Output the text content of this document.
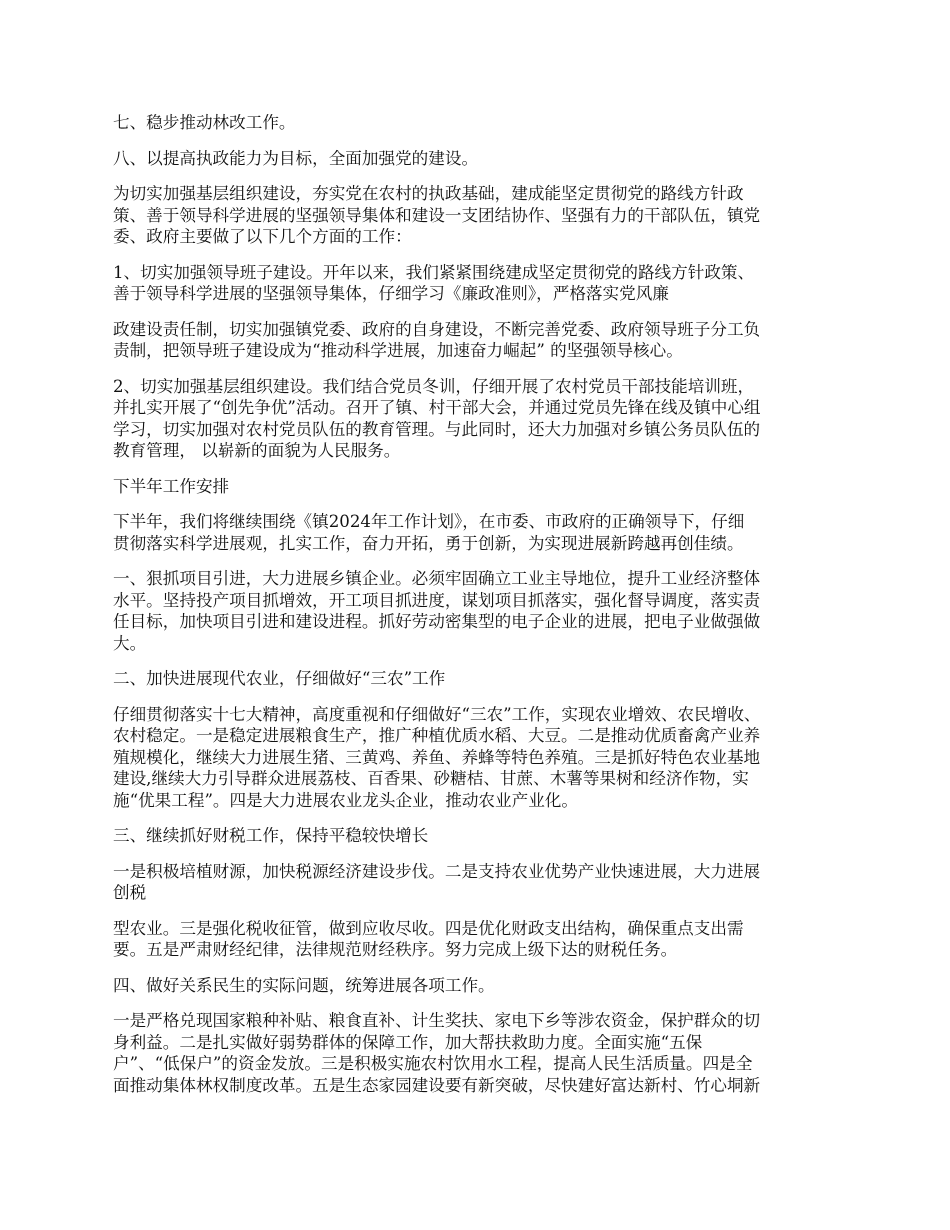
七、稳步推动林改工作。

八、以提高执政能力为目标，全面加强党的建设。

为切实加强基层组织建设，夯实党在农村的执政基础，建成能坚定贯彻党的路线方针政
策、善于领导科学进展的坚强领导集体和建设一支团结协作、坚强有力的干部队伍，镇党
委、政府主要做了以下几个方面的工作：

1、切实加强领导班子建设。开年以来，我们紧紧围绕建成坚定贯彻党的路线方针政策、
善于领导科学进展的坚强领导集体，仔细学习《廉政准则》，严格落实党风廉

政建设责任制，切实加强镇党委、政府的自身建设，不断完善党委、政府领导班子分工负
责制，把领导班子建设成为“推动科学进展，加速奋力崛起” 的坚强领导核心。

2、切实加强基层组织建设。我们结合党员冬训，仔细开展了农村党员干部技能培训班，
并扎实开展了“创先争优”活动。召开了镇、村干部大会，并通过党员先锋在线及镇中心组
学习，切实加强对农村党员队伍的教育管理。与此同时，还大力加强对乡镇公务员队伍的
教育管理， 以崭新的面貌为人民服务。

下半年工作安排

下半年，我们将继续围绕《镇2024年工作计划》，在市委、市政府的正确领导下，仔细
贯彻落实科学进展观，扎实工作，奋力开拓，勇于创新，为实现进展新跨越再创佳绩。

一、狠抓项目引进，大力进展乡镇企业。必须牢固确立工业主导地位，提升工业经济整体
水平。坚持投产项目抓增效，开工项目抓进度，谋划项目抓落实，强化督导调度，落实责
任目标，加快项目引进和建设进程。抓好劳动密集型的电子企业的进展，把电子业做强做
大。

二、加快进展现代农业，仔细做好“三农”工作

仔细贯彻落实十七大精神，高度重视和仔细做好“三农”工作，实现农业增效、农民增收、
农村稳定。一是稳定进展粮食生产，推广种植优质水稻、大豆。二是推动优质畜禽产业养
殖规模化，继续大力进展生猪、三黄鸡、养鱼、养蜂等特色养殖。三是抓好特色农业基地
建设,继续大力引导群众进展荔枝、百香果、砂糖桔、甘蔗、木薯等果树和经济作物，实
施“优果工程”。四是大力进展农业龙头企业，推动农业产业化。

三、继续抓好财税工作，保持平稳较快增长

一是积极培植财源，加快税源经济建设步伐。二是支持农业优势产业快速进展，大力进展
创税

型农业。三是强化税收征管，做到应收尽收。四是优化财政支出结构，确保重点支出需
要。五是严肃财经纪律，法律规范财经秩序。努力完成上级下达的财税任务。

四、做好关系民生的实际问题，统筹进展各项工作。

一是严格兑现国家粮种补贴、粮食直补、计生奖扶、家电下乡等涉农资金，保护群众的切
身利益。二是扎实做好弱势群体的保障工作，加大帮扶救助力度。全面实施“五保
户”、“低保户”的资金发放。三是积极实施农村饮用水工程，提高人民生活质量。四是全
面推动集体林权制度改革。五是生态家园建设要有新突破，尽快建好富达新村、竹心垌新
